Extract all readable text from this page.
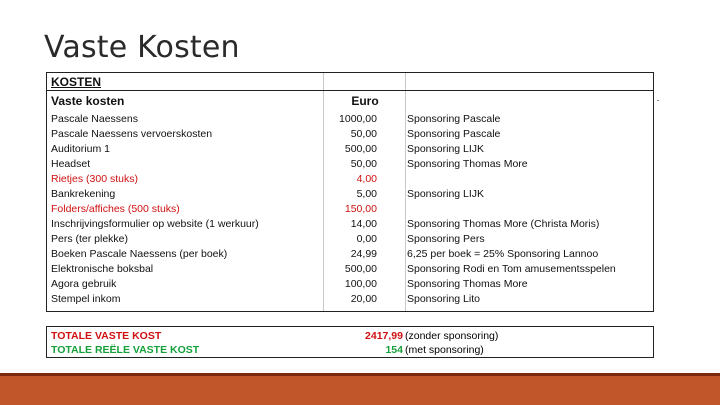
Vaste Kosten
KOSTEN
Vaste kosten	Euro
Pascale Naessens	1000,00	Sponsoring Pascale
Pascale Naessens vervoerskosten	50,00	Sponsoring Pascale
Auditorium 1	500,00	Sponsoring LIJK
Headset	50,00	Sponsoring Thomas More
Rietjes (300 stuks)	4,00
Bankrekening	5,00	Sponsoring LIJK
Folders/affiches (500 stuks)	150,00
Inschrijvingsformulier op website (1 werkuur)	14,00	Sponsoring Thomas More (Christa Moris)
Pers (ter plekke)	0,00	Sponsoring Pers
Boeken Pascale Naessens (per boek)	24,99	6,25 per boek = 25% Sponsoring Lannoo
Elektronische boksbal	500,00	Sponsoring Rodi en Tom amusementsspelen
Agora gebruik	100,00	Sponsoring Thomas More
Stempel inkom	20,00	Sponsoring Lito
TOTALE VASTE KOST	2417,99 (zonder sponsoring)
TOTALE REËLE VASTE KOST	154 (met sponsoring)
